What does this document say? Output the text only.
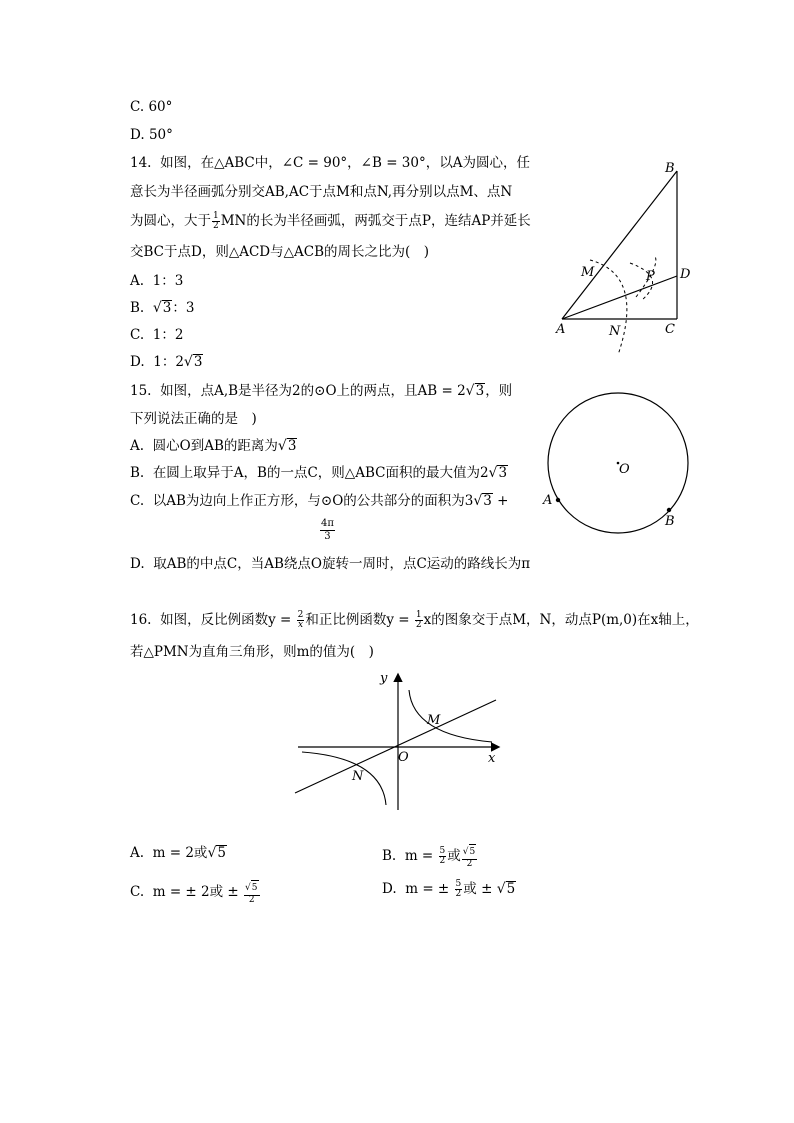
C. 60°
D. 50°
14. 如图，在△ABC中，∠C = 90°，∠B = 30°，以A为圆心，任
意长为半径画弧分别交AB,AC于点M和点N,再分别以点M、点N
为圆心，大于 $\frac{1}{2}$ MN的长为半径画弧，两弧交于点P，连结AP并延长
交BC于点D，则△ACD与△ACB的周长之比为(　)
A. 1：3
B. √3：3
C. 1：2
D. 1：2√3
B
M	P D
A	N	C
15. 如图，点A,B是半径为2的⊙O上的两点，且AB = 2√3，则
下列说法正确的是　)
A. 圆心O到AB的距离为√3
B. 在圆上取异于A，B的一点C，则△ABC面积的最大值为2√3
C. 以AB为边向上作正方形，与⊙O的公共部分的面积为3√3 +
$\frac{4\pi}{3}$
D. 取AB的中点C，当AB绕点O旋转一周时，点C运动的路线长为π
O
A
B
16. 如图，反比例函数$y = \frac{2}{x}$ 和正比例函数$y = \frac{1}{2}$ x的图象交于点M，N，动点P(m,0)在x轴上，
若△PMN为直角三角形，则m的值为(　)
y
x
O
M
N
A. m = 2或√5	B. $m = \frac{5}{2}$ 或 $\frac{√5}{2}$
C. m = ± 2或 ± $\frac{√5}{2}$	D. m = ± $\frac{5}{2}$ 或 ± √5
